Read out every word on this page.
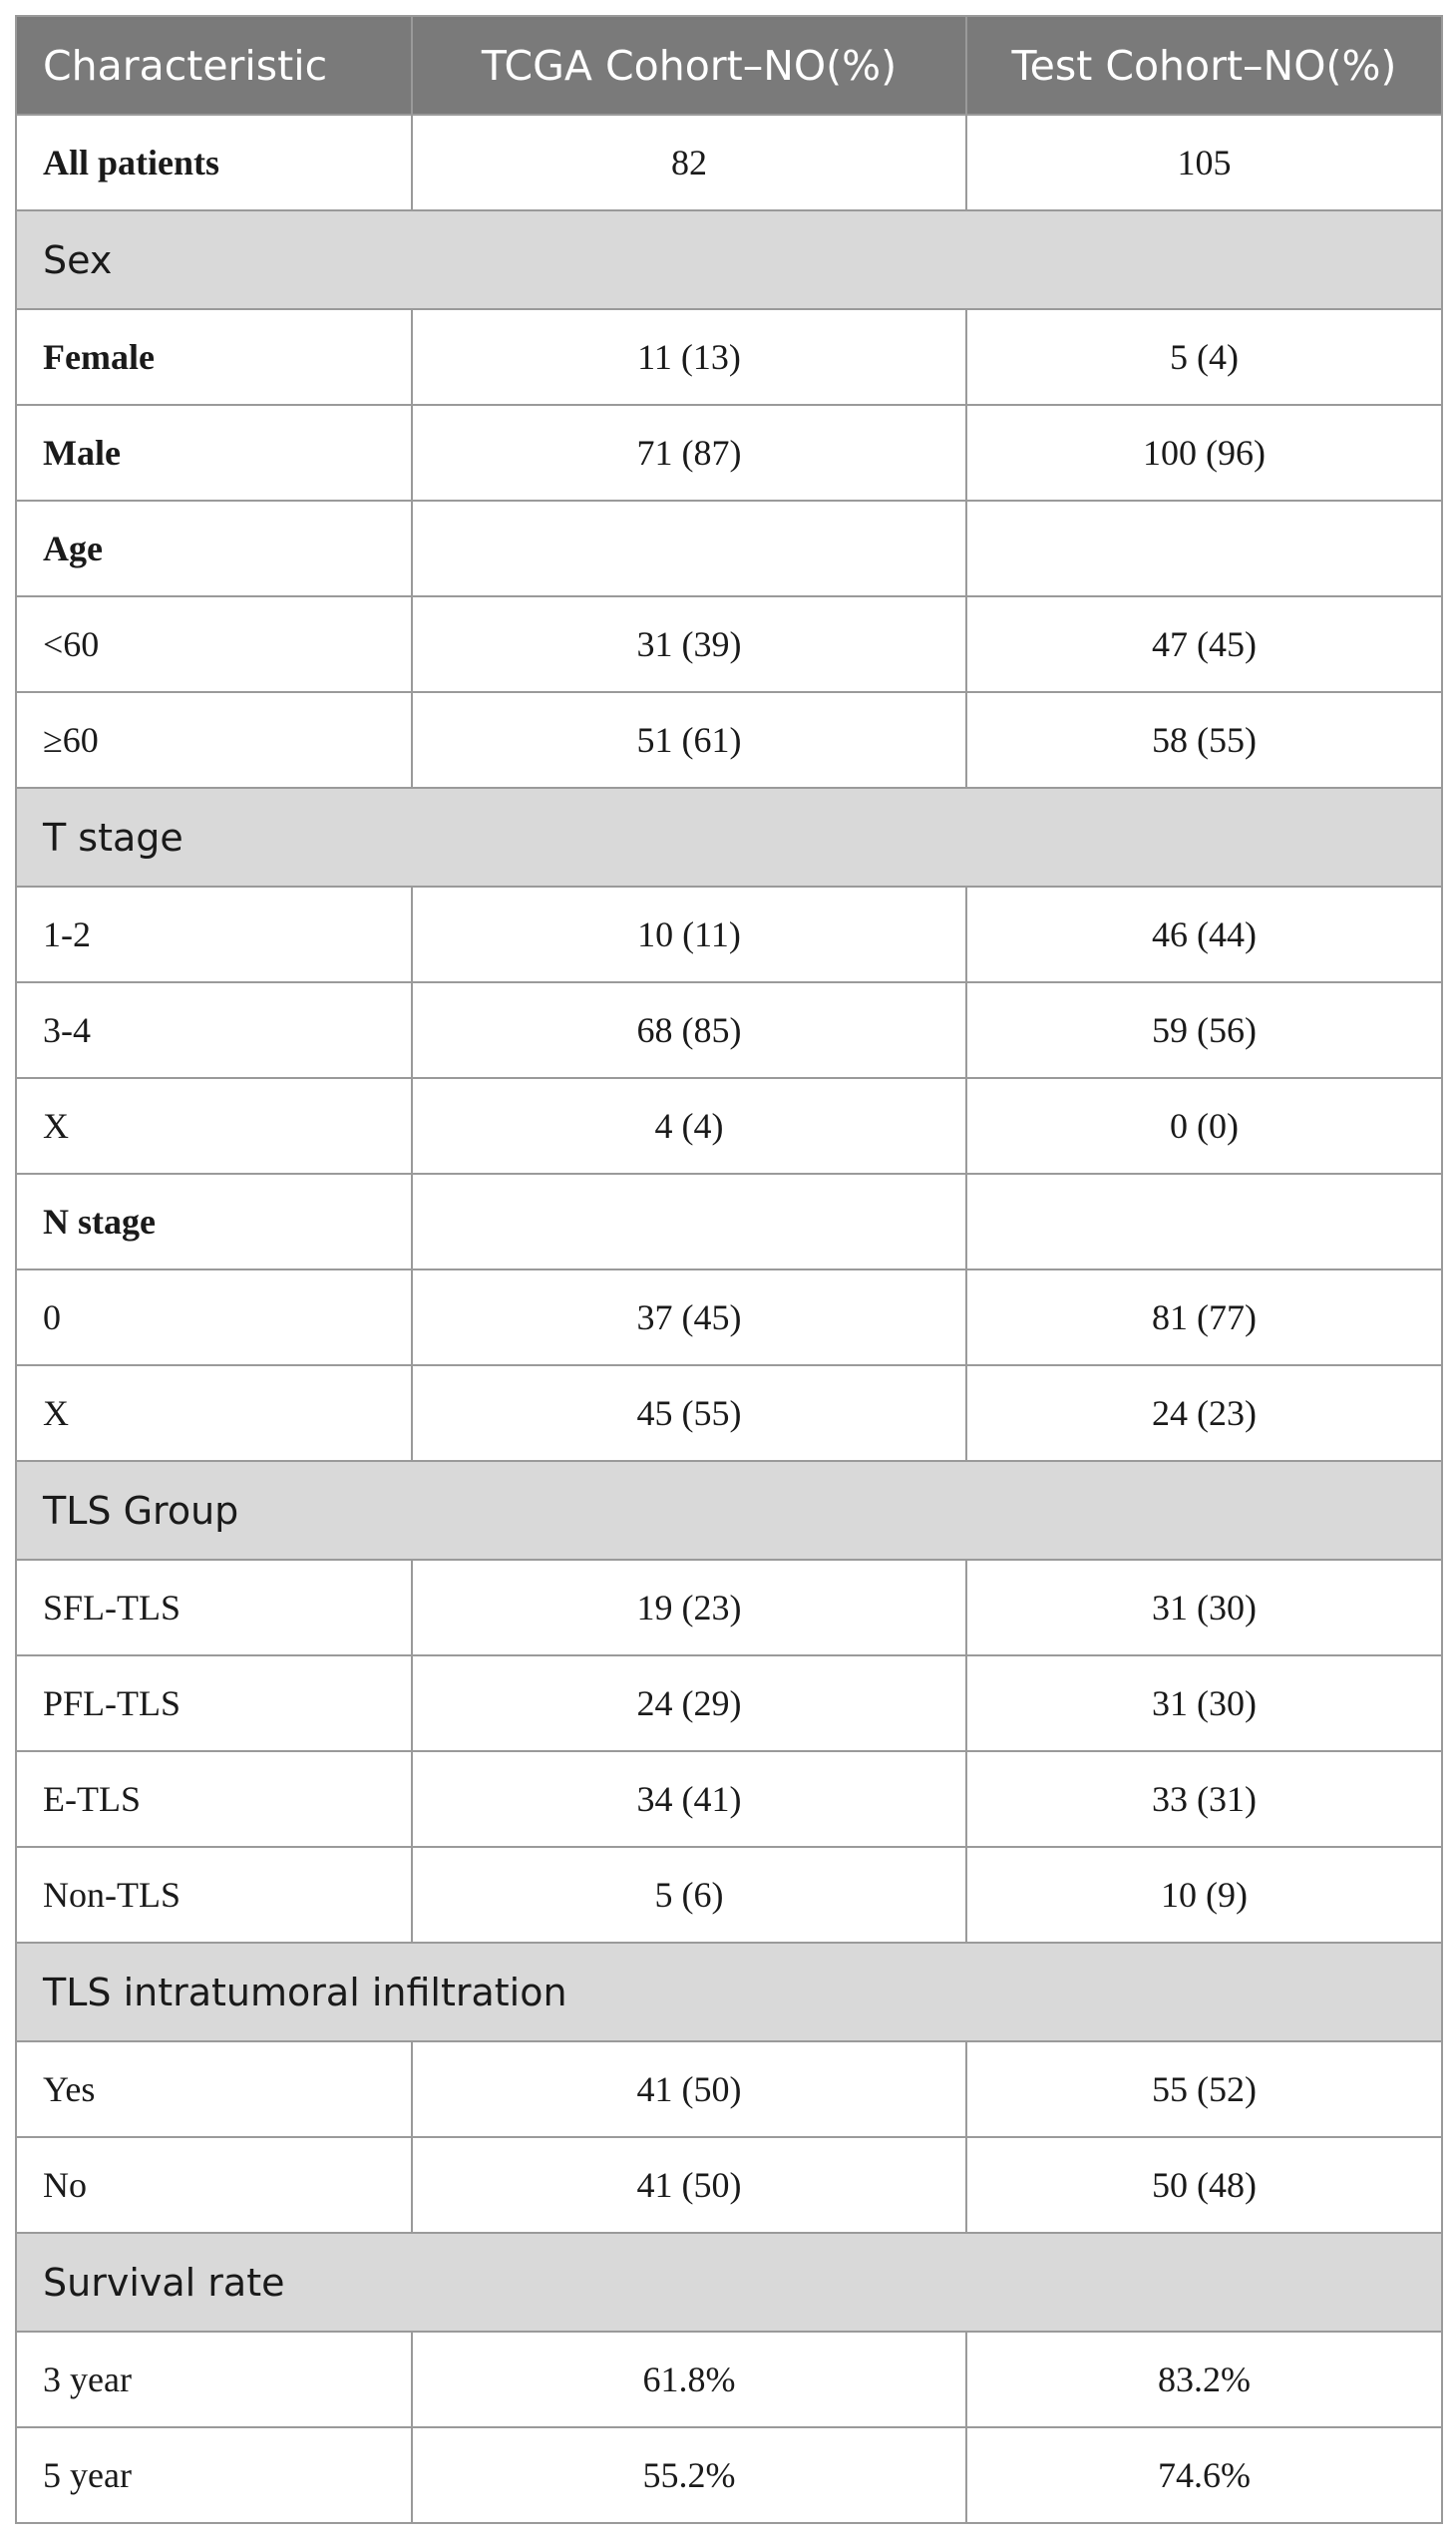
Characteristic	TCGA Cohort–NO(%)	Test Cohort–NO(%)
All patients	82	105
Sex		
Female	11 (13)	5 (4)
Male	71 (87)	100 (96)
Age		
<60	31 (39)	47 (45)
≥60	51 (61)	58 (55)
T stage		
1-2	10 (11)	46 (44)
3-4	68 (85)	59 (56)
X	4 (4)	0 (0)
N stage		
0	37 (45)	81 (77)
X	45 (55)	24 (23)
TLS Group		
SFL-TLS	19 (23)	31 (30)
PFL-TLS	24 (29)	31 (30)
E-TLS	34 (41)	33 (31)
Non-TLS	5 (6)	10 (9)
TLS intratumoral infiltration		
Yes	41 (50)	55 (52)
No	41 (50)	50 (48)
Survival rate		
3 year	61.8%	83.2%
5 year	55.2%	74.6%
